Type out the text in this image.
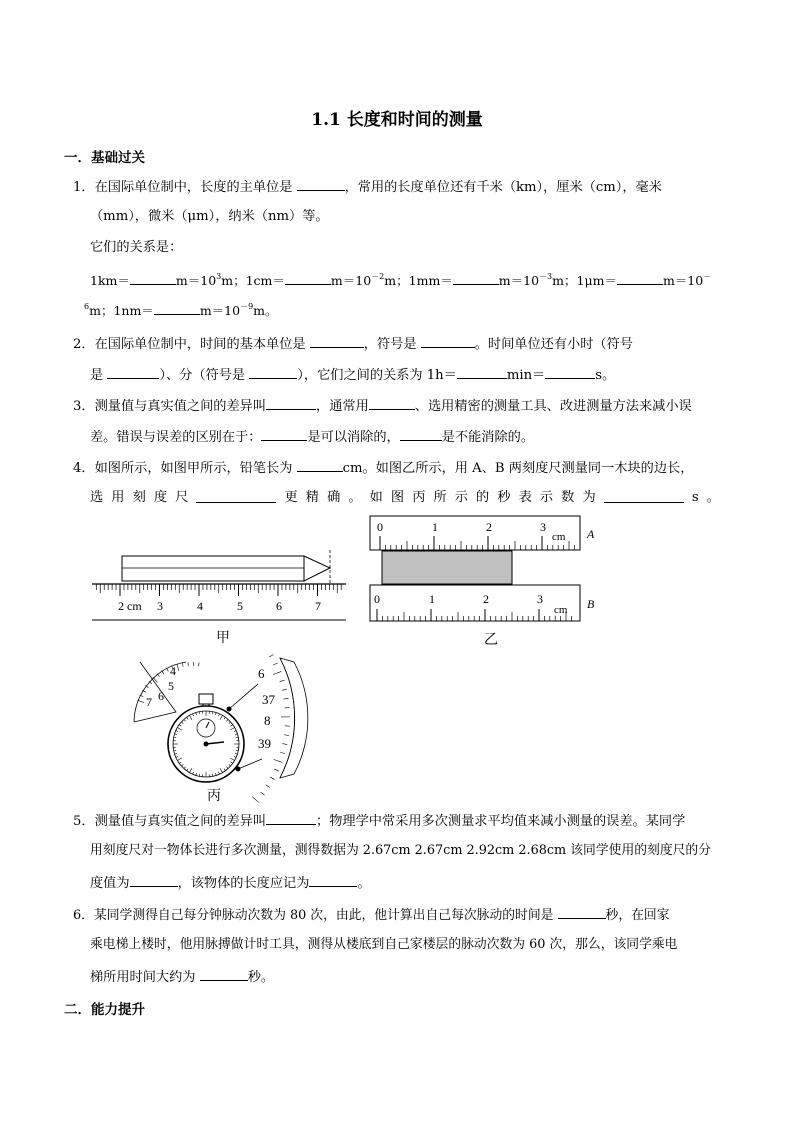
1.1 长度和时间的测量
一．基础过关
1．在国际单位制中，长度的主单位是	，常用的长度单位还有千米（km），厘米（cm），毫米
（mm），微米（μm），纳米（nm）等。
它们的关系是：
1km＝	$m=10^3m$；1cm＝	$m=10^{-2}m$；1mm＝	$m=10^{-3}m$；1μm＝	m＝10－
$^6$m；1nm＝	$m=10^{-9}m$。
2．在国际单位制中，时间的基本单位是	，符号是	。时间单位还有小时（符号
是	）、分（符号是	），它们之间的关系为 1h＝	min＝	s。
3．测量值与真实值之间的差异叫	，通常用	、选用精密的测量工具、改进测量方法来减小误
差。错误与误差的区别在于：	是可以消除的，	是不能消除的。
4．如图所示，如图甲所示，铅笔长为	cm。如图乙所示，用 A、B 两刻度尺测量同一木块的边长，
选 用 刻 度 尺	更 精 确 。 如 图 丙 所 示 的 秒 表 示 数 为	s 。
2 cm 3	4	5	6	7
甲
0	1	2	3
cm A
0	1	2	3
cm B
乙
4
5
6
7
6
37
8
39
丙
5．测量值与真实值之间的差异叫	；物理学中常采用多次测量求平均值来减小测量的误差。某同学
用刻度尺对一物体长进行多次测量，测得数据为 2.67cm 2.67cm 2.92cm 2.68cm 该同学使用的刻度尺的分
度值为	，该物体的长度应记为	。
6．某同学测得自己每分钟脉动次数为 80 次，由此，他计算出自己每次脉动的时间是	秒，在回家
乘电梯上楼时，他用脉搏做计时工具，测得从楼底到自己家楼层的脉动次数为 60 次，那么，该同学乘电
梯所用时间大约为	秒。
二．能力提升
